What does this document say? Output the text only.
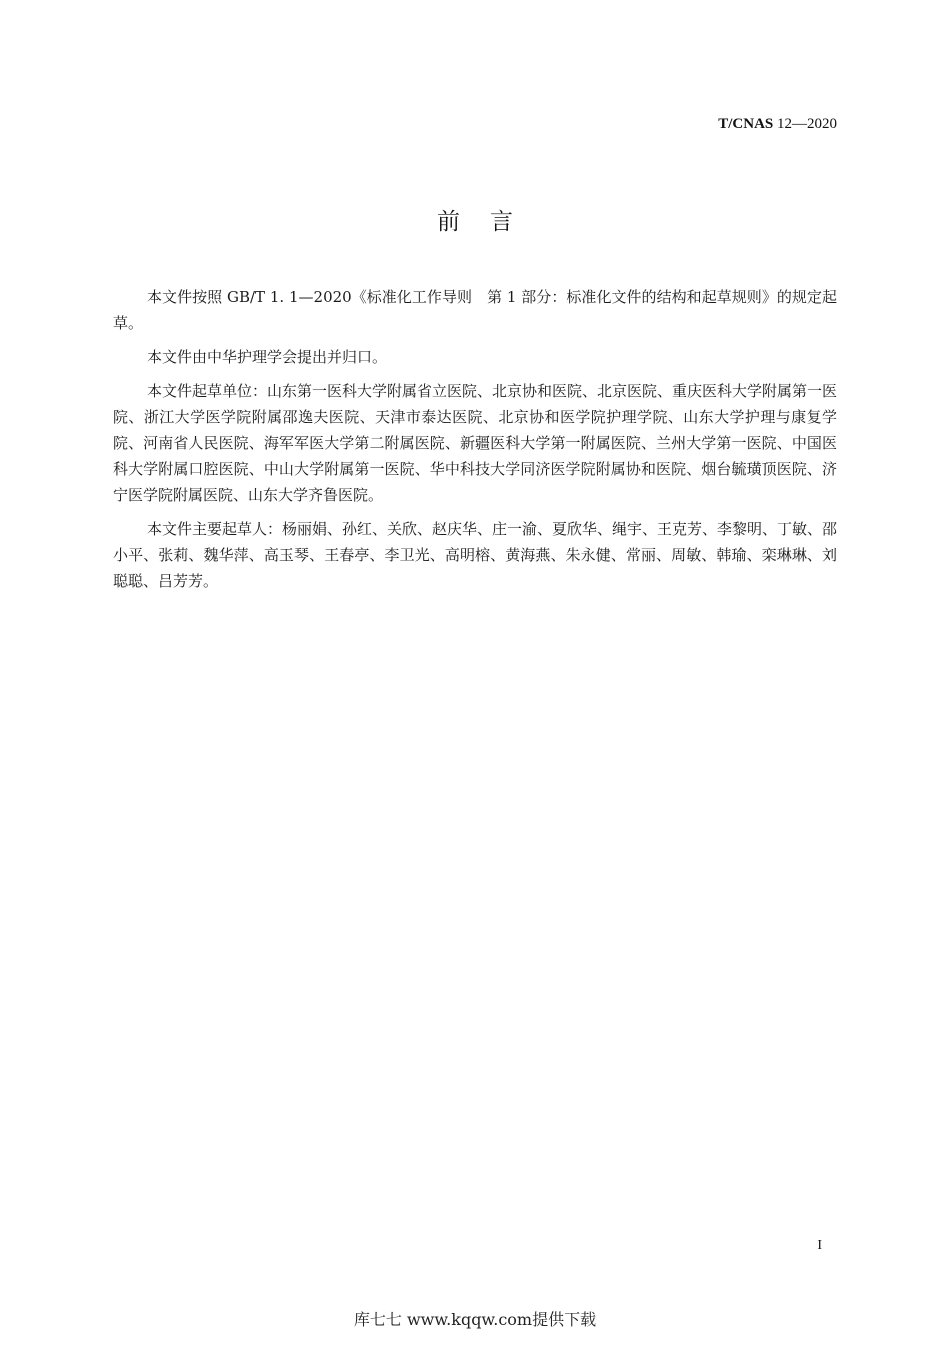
T/CNAS 12—2020
前言

本文件按照 GB/T 1. 1—2020《标准化工作导则　第 1 部分：标准化文件的结构和起草规则》的规定起草。

本文件由中华护理学会提出并归口。

本文件起草单位：山东第一医科大学附属省立医院、北京协和医院、北京医院、重庆医科大学附属第一医院、浙江大学医学院附属邵逸夫医院、天津市泰达医院、北京协和医学院护理学院、山东大学护理与康复学院、河南省人民医院、海军军医大学第二附属医院、新疆医科大学第一附属医院、兰州大学第一医院、中国医科大学附属口腔医院、中山大学附属第一医院、华中科技大学同济医学院附属协和医院、烟台毓璜顶医院、济宁医学院附属医院、山东大学齐鲁医院。

本文件主要起草人：杨丽娟、孙红、关欣、赵庆华、庄一渝、夏欣华、绳宇、王克芳、李黎明、丁敏、邵小平、张莉、魏华萍、高玉琴、王春亭、李卫光、高明榕、黄海燕、朱永健、常丽、周敏、韩瑜、栾琳琳、刘聪聪、吕芳芳。

I
库七七 www.kqqw.com提供下载
